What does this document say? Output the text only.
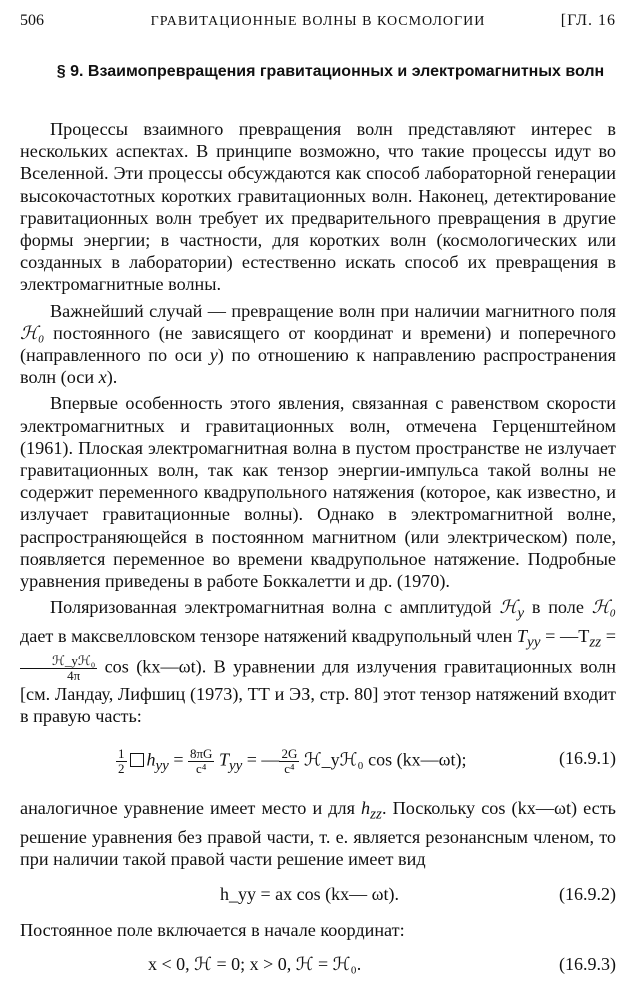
506	ГРАВИТАЦИОННЫЕ ВОЛНЫ В КОСМОЛОГИИ	[ГЛ. 16
§ 9. Взаимопревращения гравитационных и электромагнитных волн

Процессы взаимного превращения волн представляют интерес в нескольких аспектах. В принципе возможно, что такие процессы идут во Вселенной. Эти процессы обсуждаются как способ лабораторной генерации высокочастотных коротких гравитационных волн. Наконец, детектирование гравитационных волн требует их предварительного превращения в другие формы энергии; в частности, для коротких волн (космологических или созданных в лаборатории) естественно искать способ их превращения в электромагнитные волны.

Важнейший случай — превращение волн при наличии магнитного поля ℋ₀ постоянного (не зависящего от координат и времени) и поперечного (направленного по оси y) по отношению к направлению распространения волн (оси x).

Впервые особенность этого явления, связанная с равенством скорости электромагнитных и гравитационных волн, отмечена Герценштейном (1961). Плоская электромагнитная волна в пустом пространстве не излучает гравитационных волн, так как тензор энергии-импульса такой волны не содержит переменного квадрупольного натяжения (которое, как известно, и излучает гравитационные волны). Однако в электромагнитной волне, распространяющейся в постоянном магнитном (или электрическом) поле, появляется переменное во времени квадрупольное натяжение. Подробные уравнения приведены в работе Боккалетти и др. (1970).

Поляризованная электромагнитная волна с амплитудой ℋ$_y$ в поле ℋ₀ дает в максвелловском тензоре натяжений квадрупольный член $T_{yy}$ = $—T_{zz}$ =
$\frac{\text{ℋ\_yℋ₀}}{4\pi}$ cos (kx—ωt). В уравнении для излучения гравитационных волн [см. Ландау, Лифшиц (1973), ТТ и ЭЗ, стр. 80] этот тензор натяжений входит в правую часть:

$\frac{1}{2} h_{yy} = \frac{8\pi G}{\text{c⁴}} T_{yy}$ = — $\frac{2G}{\text{c⁴}}$ ℋ_yℋ₀ cos (kx—ωt);	(16.9.1)

аналогичное уравнение имеет место и для $h_{zz}$. Поскольку cos (kx—ωt) есть решение уравнения без правой части, т. е. является резонансным членом, то при наличии такой правой части решение имеет вид

h_yy = ax cos (kx— ωt).	(16.9.2)

Постоянное поле включается в начале координат:

x < 0, ℋ = 0; x > 0, ℋ = ℋ₀.	(16.9.3)
